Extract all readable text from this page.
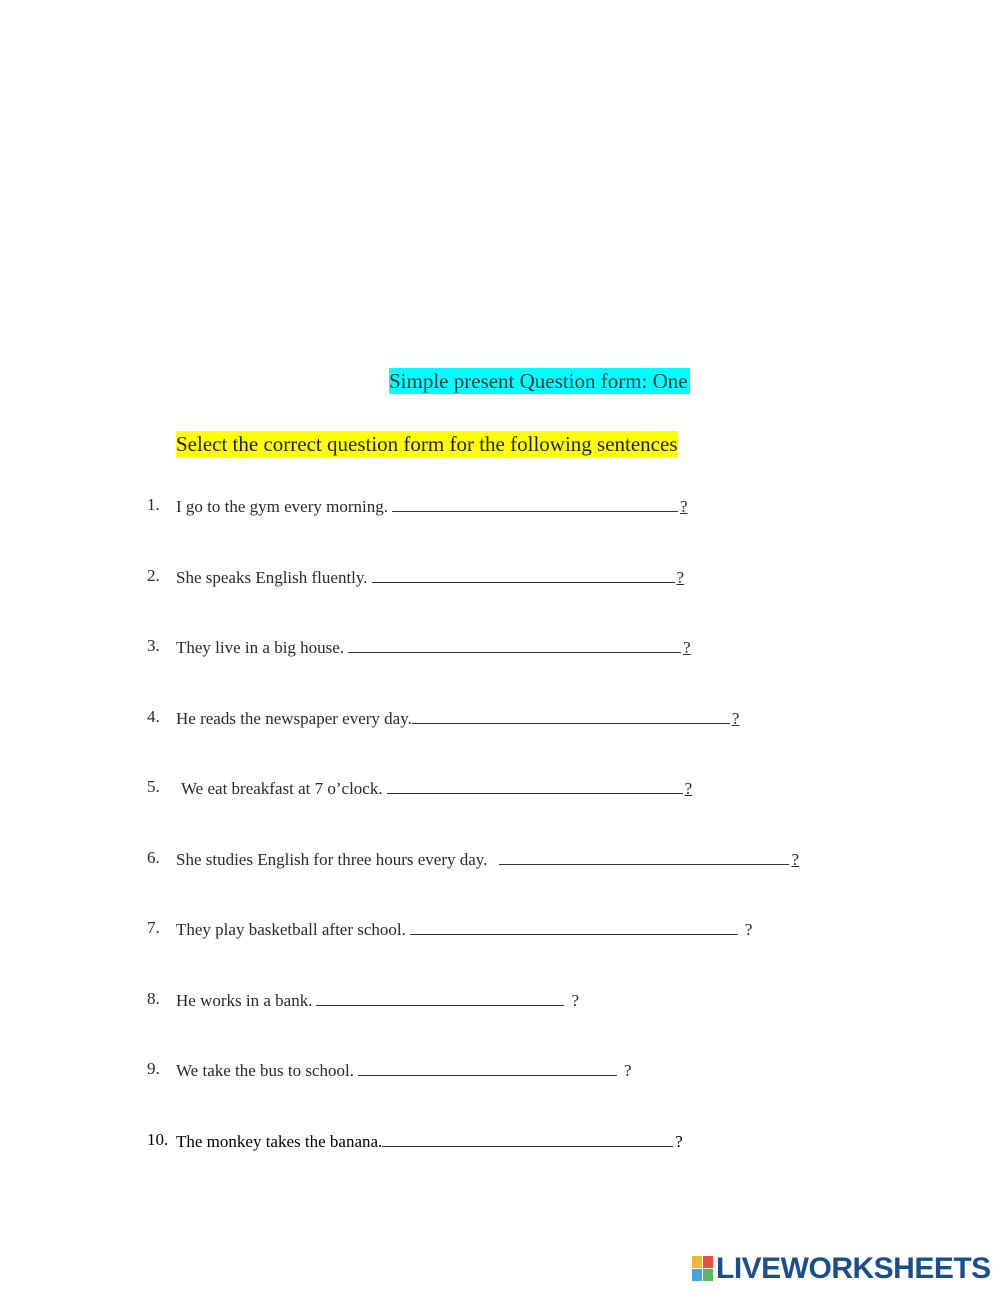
Simple present Question form: One
Select the correct question form for the following sentences
1. I go to the gym every morning.	?
2. She speaks English fluently.	?
3. They live in a big house.	?
4. He reads the newspaper every day.	?
5. We eat breakfast at 7 o’clock.	?
6. She studies English for three hours every day.	?
7. They play basketball after school.	?
8. He works in a bank.	?
9. We take the bus to school.	?
10. The monkey takes the banana.	?
LIVEWORKSHEETS
